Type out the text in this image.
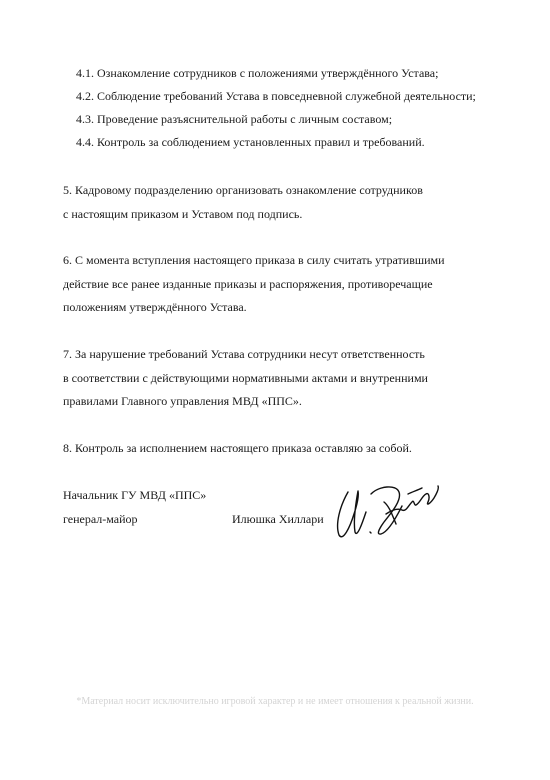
4.1. Ознакомление сотрудников с положениями утверждённого Устава;
4.2. Соблюдение требований Устава в повседневной служебной деятельности;
4.3. Проведение разъяснительной работы с личным составом;
4.4. Контроль за соблюдением установленных правил и требований.
5. Кадровому подразделению организовать ознакомление сотрудников
с настоящим приказом и Уставом под подпись.
6. С момента вступления настоящего приказа в силу считать утратившими
действие все ранее изданные приказы и распоряжения, противоречащие
положениям утверждённого Устава.
7. За нарушение требований Устава сотрудники несут ответственность
в соответствии с действующими нормативными актами и внутренними
правилами Главного управления МВД «ППС».
8. Контроль за исполнением настоящего приказа оставляю за собой.
Начальник ГУ МВД «ППС»
генерал-майор	Илюшка Хиллари
*Материал носит исключительно игровой характер и не имеет отношения к реальной жизни.
